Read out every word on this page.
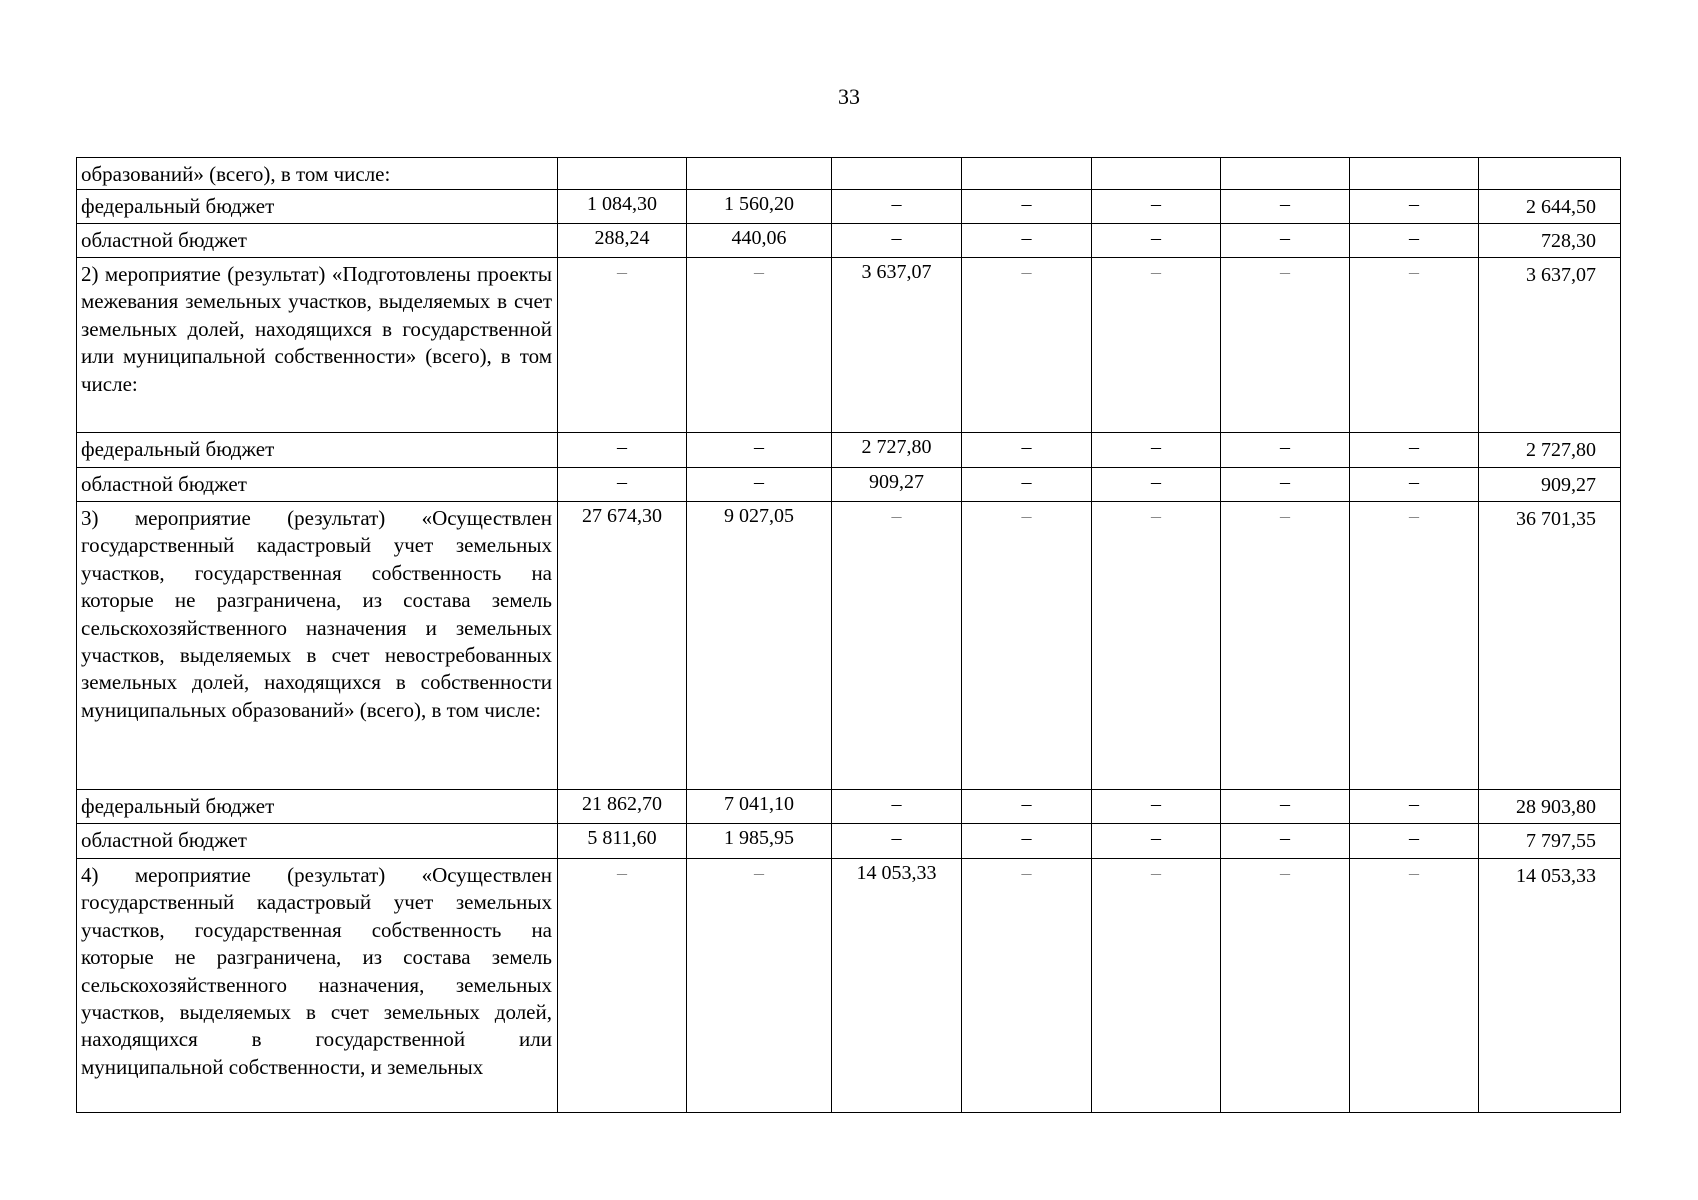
33
образований» (всего), в том числе:								
федеральный бюджет	1 084,30	1 560,20	–	–	–	–	–	2 644,50
областной бюджет	288,24	440,06	–	–	–	–	–	728,30
2) мероприятие (результат) «Подготовлены проекты межевания земельных участков, выделяемых в счет земельных долей, находящихся в государственной или муниципальной собственности» (всего), в том числе:	–	–	3 637,07	–	–	–	–	3 637,07
федеральный бюджет	–	–	2 727,80	–	–	–	–	2 727,80
областной бюджет	–	–	909,27	–	–	–	–	909,27
3) мероприятие (результат) «Осуществлен государственный кадастровый учет земельных участков, государственная собственность на которые не разграничена, из состава земель сельскохозяйственного назначения и земельных участков, выделяемых в счет невостребованных земельных долей, находящихся в собственности муниципальных образований» (всего), в том числе:	27 674,30	9 027,05	–	–	–	–	–	36 701,35
федеральный бюджет	21 862,70	7 041,10	–	–	–	–	–	28 903,80
областной бюджет	5 811,60	1 985,95	–	–	–	–	–	7 797,55
4) мероприятие (результат) «Осуществлен государственный кадастровый учет земельных участков, государственная собственность на которые не разграничена, из состава земель сельскохозяйственного назначения, земельных участков, выделяемых в счет земельных долей, находящихся в государственной или муниципальной собственности, и земельных	–	–	14 053,33	–	–	–	–	14 053,33
